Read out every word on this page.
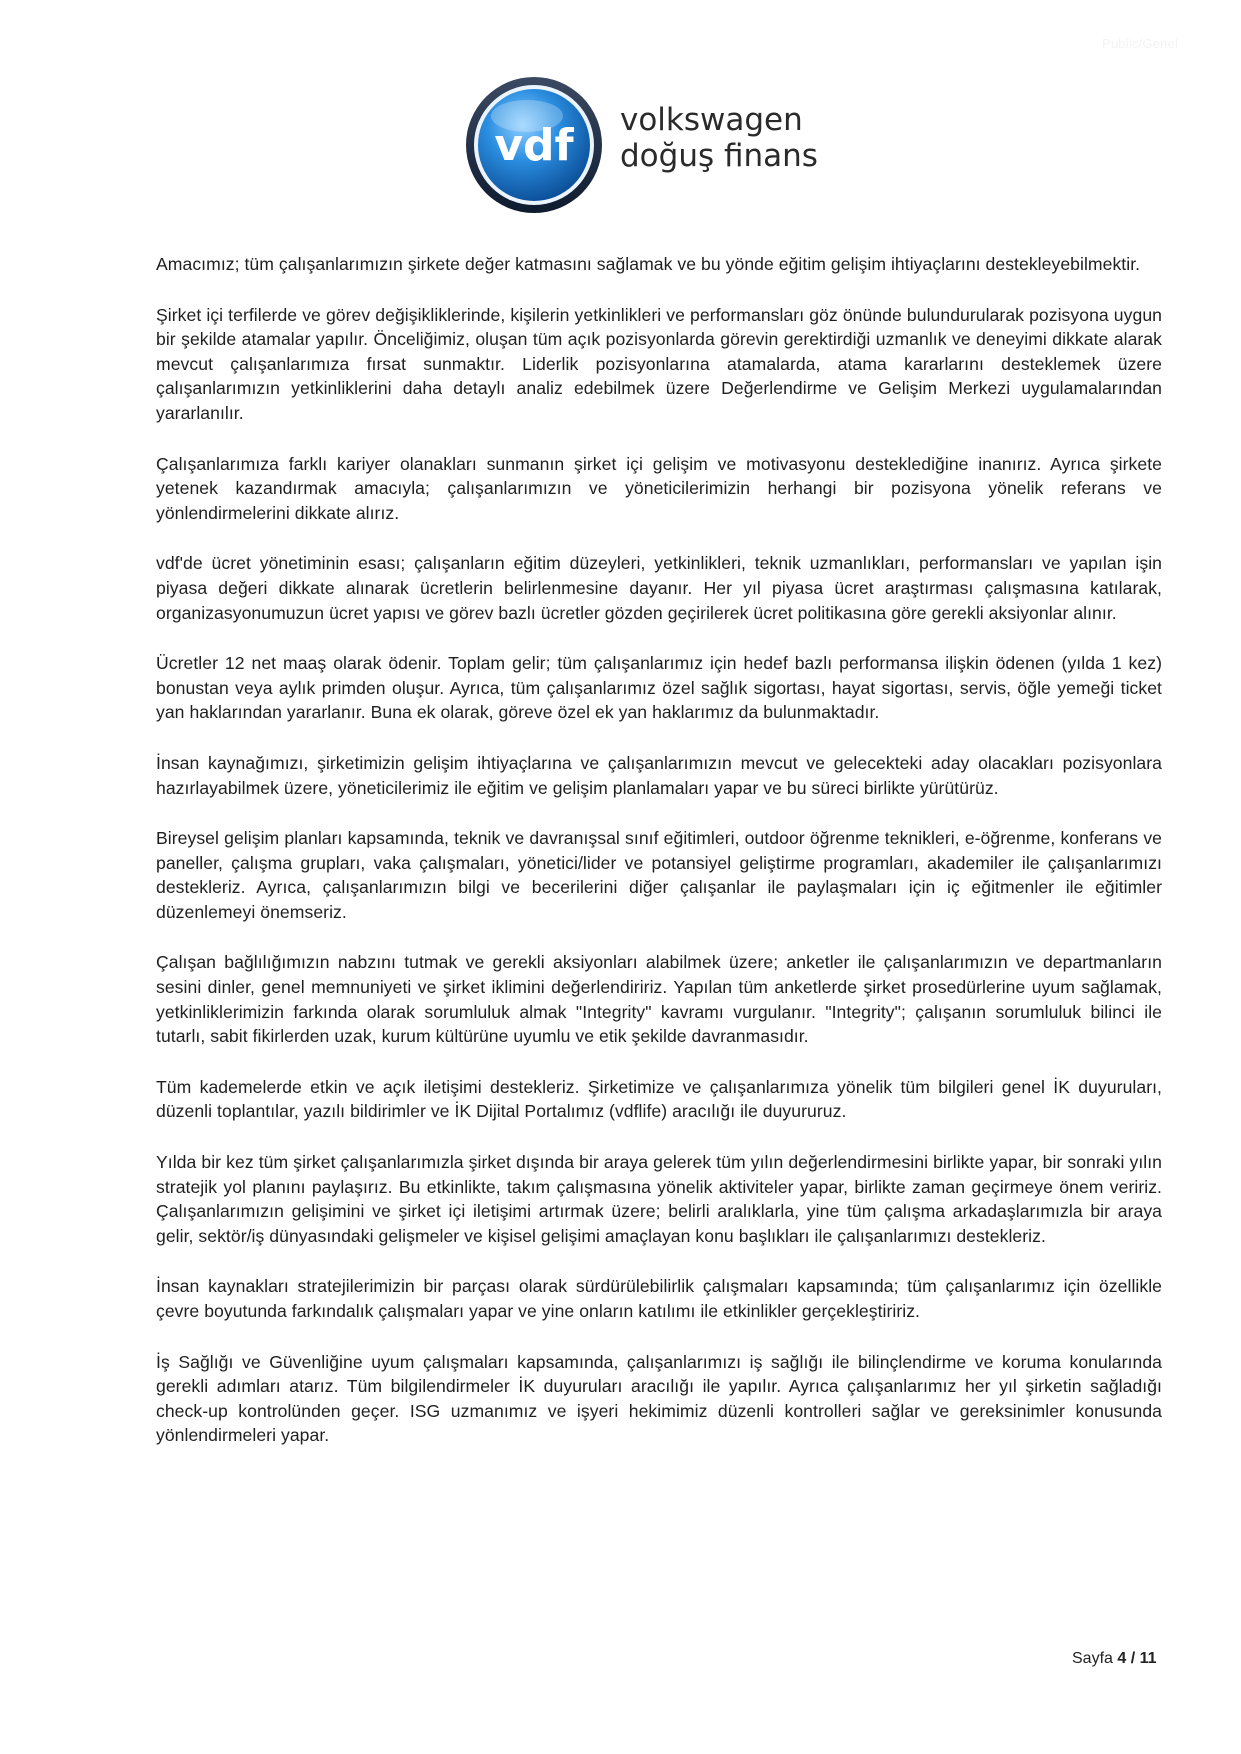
Public/Genel
vdf volkswagen
doğuş finans

Amacımız; tüm çalışanlarımızın şirkete değer katmasını sağlamak ve bu yönde eğitim gelişim ihtiyaçlarını destekleyebilmektir.

Şirket içi terfilerde ve görev değişikliklerinde, kişilerin yetkinlikleri ve performansları göz önünde bulundurularak pozisyona uygun bir şekilde atamalar yapılır. Önceliğimiz, oluşan tüm açık pozisyonlarda görevin gerektirdiği uzmanlık ve deneyimi dikkate alarak mevcut çalışanlarımıza fırsat sunmaktır. Liderlik pozisyonlarına atamalarda, atama kararlarını desteklemek üzere çalışanlarımızın yetkinliklerini daha detaylı analiz edebilmek üzere Değerlendirme ve Gelişim Merkezi uygulamalarından yararlanılır.

Çalışanlarımıza farklı kariyer olanakları sunmanın şirket içi gelişim ve motivasyonu desteklediğine inanırız. Ayrıca şirkete yetenek kazandırmak amacıyla; çalışanlarımızın ve yöneticilerimizin herhangi bir pozisyona yönelik referans ve yönlendirmelerini dikkate alırız.

vdf'de ücret yönetiminin esası; çalışanların eğitim düzeyleri, yetkinlikleri, teknik uzmanlıkları, performansları ve yapılan işin piyasa değeri dikkate alınarak ücretlerin belirlenmesine dayanır. Her yıl piyasa ücret araştırması çalışmasına katılarak, organizasyonumuzun ücret yapısı ve görev bazlı ücretler gözden geçirilerek ücret politikasına göre gerekli aksiyonlar alınır.

Ücretler 12 net maaş olarak ödenir. Toplam gelir; tüm çalışanlarımız için hedef bazlı performansa ilişkin ödenen (yılda 1 kez) bonustan veya aylık primden oluşur. Ayrıca, tüm çalışanlarımız özel sağlık sigortası, hayat sigortası, servis, öğle yemeği ticket yan haklarından yararlanır. Buna ek olarak, göreve özel ek yan haklarımız da bulunmaktadır.

İnsan kaynağımızı, şirketimizin gelişim ihtiyaçlarına ve çalışanlarımızın mevcut ve gelecekteki aday olacakları pozisyonlara hazırlayabilmek üzere, yöneticilerimiz ile eğitim ve gelişim planlamaları yapar ve bu süreci birlikte yürütürüz.

Bireysel gelişim planları kapsamında, teknik ve davranışsal sınıf eğitimleri, outdoor öğrenme teknikleri, e-öğrenme, konferans ve paneller, çalışma grupları, vaka çalışmaları, yönetici/lider ve potansiyel geliştirme programları, akademiler ile çalışanlarımızı destekleriz. Ayrıca, çalışanlarımızın bilgi ve becerilerini diğer çalışanlar ile paylaşmaları için iç eğitmenler ile eğitimler düzenlemeyi önemseriz.

Çalışan bağlılığımızın nabzını tutmak ve gerekli aksiyonları alabilmek üzere; anketler ile çalışanlarımızın ve departmanların sesini dinler, genel memnuniyeti ve şirket iklimini değerlendiririz. Yapılan tüm anketlerde şirket prosedürlerine uyum sağlamak, yetkinliklerimizin farkında olarak sorumluluk almak "Integrity" kavramı vurgulanır. "Integrity"; çalışanın sorumluluk bilinci ile tutarlı, sabit fikirlerden uzak, kurum kültürüne uyumlu ve etik şekilde davranmasıdır.

Tüm kademelerde etkin ve açık iletişimi destekleriz. Şirketimize ve çalışanlarımıza yönelik tüm bilgileri genel İK duyuruları, düzenli toplantılar, yazılı bildirimler ve İK Dijital Portalımız (vdflife) aracılığı ile duyururuz.

Yılda bir kez tüm şirket çalışanlarımızla şirket dışında bir araya gelerek tüm yılın değerlendirmesini birlikte yapar, bir sonraki yılın stratejik yol planını paylaşırız. Bu etkinlikte, takım çalışmasına yönelik aktiviteler yapar, birlikte zaman geçirmeye önem veririz. Çalışanlarımızın gelişimini ve şirket içi iletişimi artırmak üzere; belirli aralıklarla, yine tüm çalışma arkadaşlarımızla bir araya gelir, sektör/iş dünyasındaki gelişmeler ve kişisel gelişimi amaçlayan konu başlıkları ile çalışanlarımızı destekleriz.

İnsan kaynakları stratejilerimizin bir parçası olarak sürdürülebilirlik çalışmaları kapsamında; tüm çalışanlarımız için özellikle çevre boyutunda farkındalık çalışmaları yapar ve yine onların katılımı ile etkinlikler gerçekleştiririz.

İş Sağlığı ve Güvenliğine uyum çalışmaları kapsamında, çalışanlarımızı iş sağlığı ile bilinçlendirme ve koruma konularında gerekli adımları atarız. Tüm bilgilendirmeler İK duyuruları aracılığı ile yapılır. Ayrıca çalışanlarımız her yıl şirketin sağladığı check-up kontrolünden geçer. ISG uzmanımız ve işyeri hekimimiz düzenli kontrolleri sağlar ve gereksinimler konusunda yönlendirmeleri yapar.

Sayfa 4 / 11
